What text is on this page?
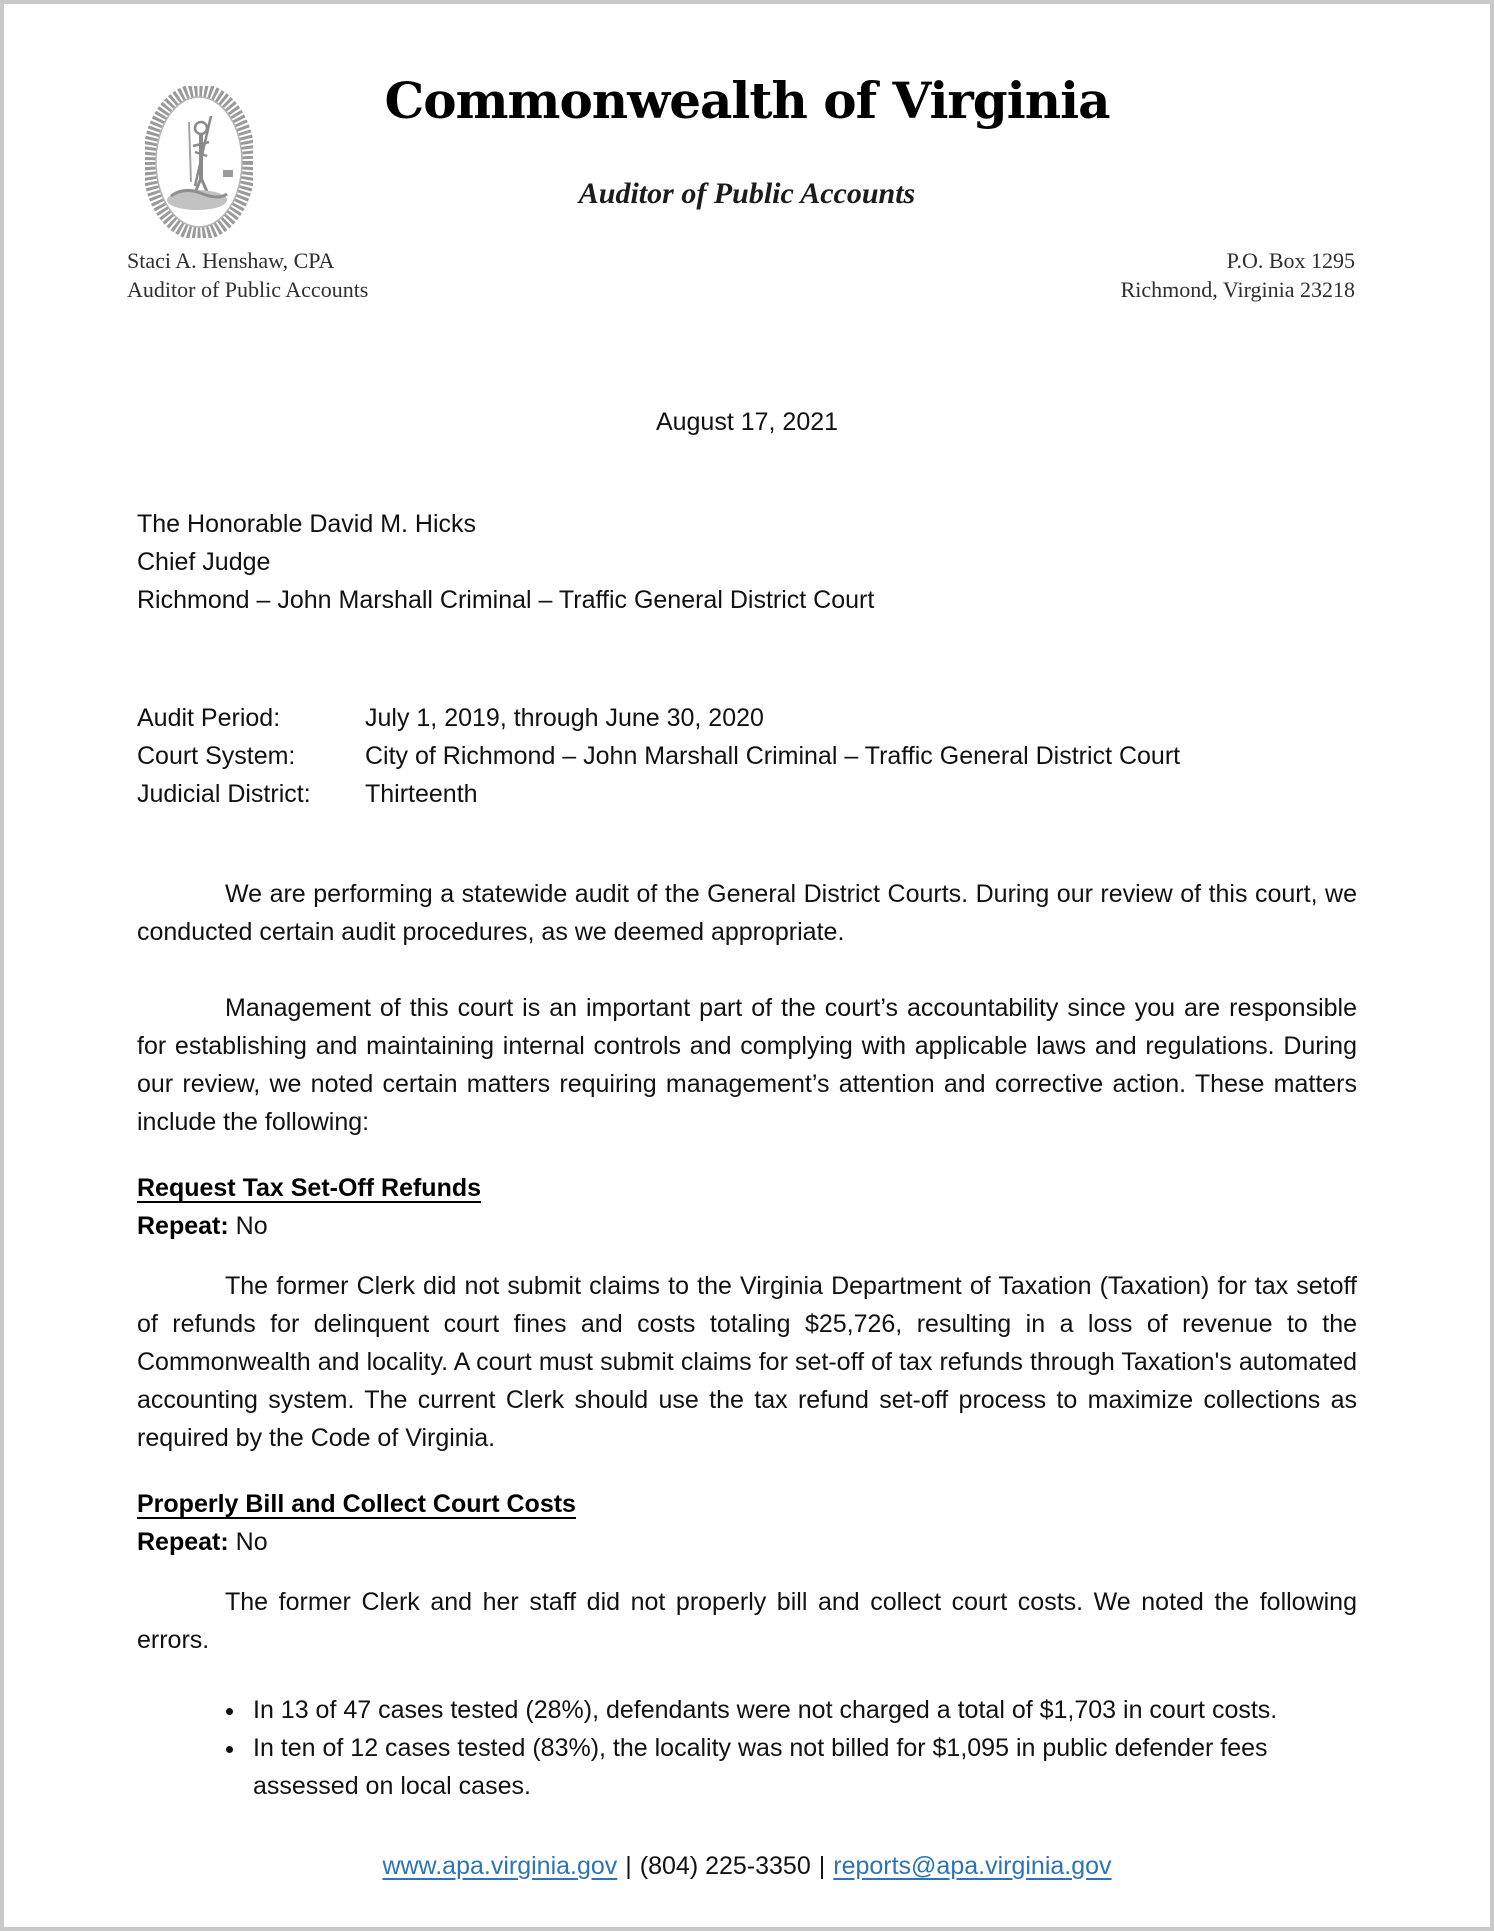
Commonwealth of Virginia
Auditor of Public Accounts
Staci A. Henshaw, CPA
Auditor of Public Accounts
P.O. Box 1295
Richmond, Virginia 23218
August 17, 2021
The Honorable David M. Hicks
Chief Judge
Richmond – John Marshall Criminal – Traffic General District Court
Audit Period:	July 1, 2019, through June 30, 2020
Court System:	City of Richmond – John Marshall Criminal – Traffic General District Court
Judicial District:	Thirteenth

We are performing a statewide audit of the General District Courts. During our review of this court, we conducted certain audit procedures, as we deemed appropriate.

Management of this court is an important part of the court’s accountability since you are responsible for establishing and maintaining internal controls and complying with applicable laws and regulations. During our review, we noted certain matters requiring management’s attention and corrective action. These matters include the following:

Request Tax Set-Off Refunds
Repeat: No

The former Clerk did not submit claims to the Virginia Department of Taxation (Taxation) for tax setoff of refunds for delinquent court fines and costs totaling $25,726, resulting in a loss of revenue to the Commonwealth and locality. A court must submit claims for set-off of tax refunds through Taxation's automated accounting system. The current Clerk should use the tax refund set-off process to maximize collections as required by the Code of Virginia.

Properly Bill and Collect Court Costs
Repeat: No

The former Clerk and her staff did not properly bill and collect court costs. We noted the following errors.

• In 13 of 47 cases tested (28%), defendants were not charged a total of $1,703 in court costs.
• In ten of 12 cases tested (83%), the locality was not billed for $1,095 in public defender fees assessed on local cases.
www.apa.virginia.gov | (804) 225-3350 | reports@apa.virginia.gov
